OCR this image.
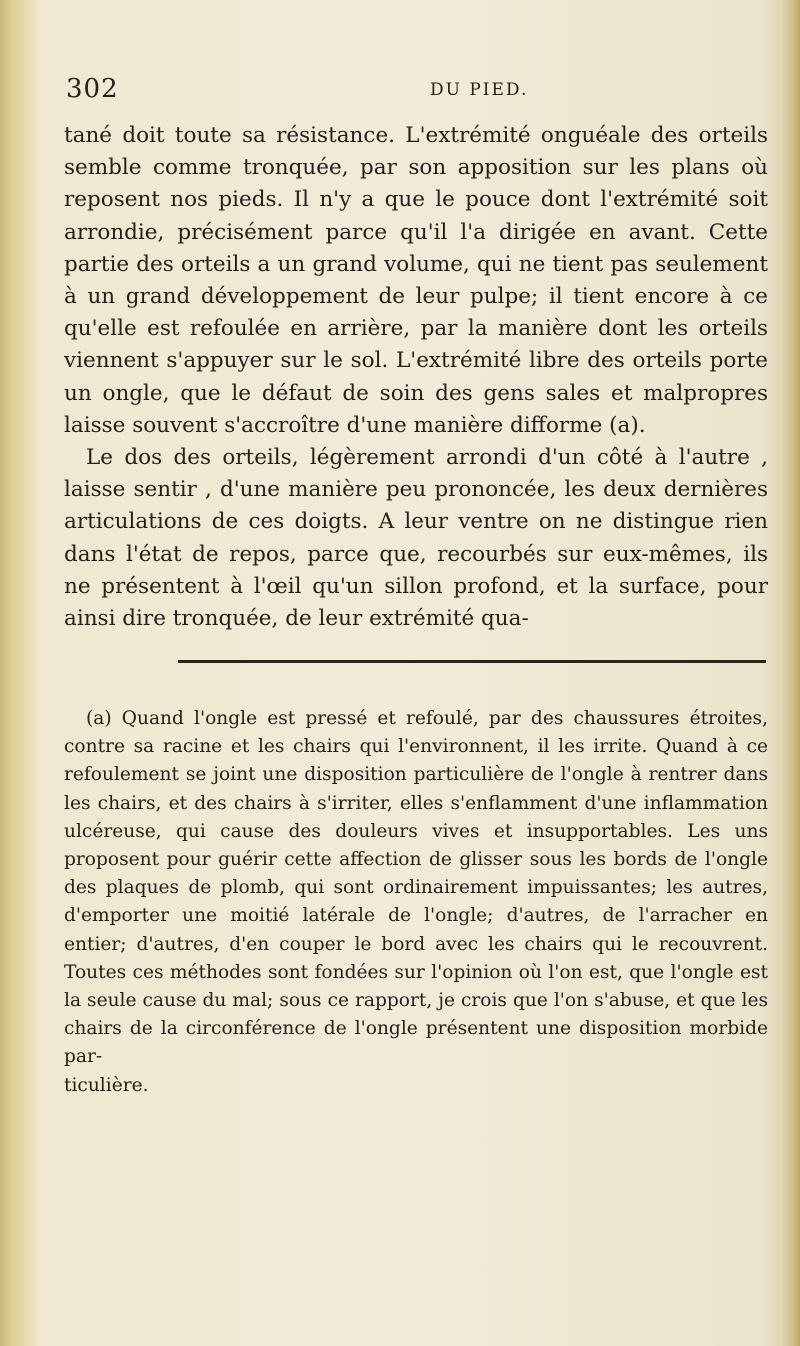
302	DU PIED.

tané doit toute sa résistance. L'extrémité onguéale des orteils semble comme tronquée, par son apposition sur les plans où reposent nos pieds. Il n'y a que le pouce dont l'extrémité soit arrondie, précisément parce qu'il l'a dirigée en avant. Cette partie des orteils a un grand volume, qui ne tient pas seulement à un grand développement de leur pulpe; il tient encore à ce qu'elle est refoulée en arrière, par la manière dont les orteils viennent s'appuyer sur le sol. L'extrémité libre des orteils porte un ongle, que le défaut de soin des gens sales et malpropres laisse souvent s'accroître d'une manière difforme (a).

Le dos des orteils, légèrement arrondi d'un côté à l'autre , laisse sentir , d'une manière peu prononcée, les deux dernières articulations de ces doigts. A leur ventre on ne distingue rien dans l'état de repos, parce que, recourbés sur eux-mêmes, ils ne présentent à l'œil qu'un sillon profond, et la surface, pour ainsi dire tronquée, de leur extrémité qua-

(a) Quand l'ongle est pressé et refoulé, par des chaussures étroites, contre sa racine et les chairs qui l'environnent, il les irrite. Quand à ce refoulement se joint une disposition particulière de l'ongle à rentrer dans les chairs, et des chairs à s'irriter, elles s'enflamment d'une inflammation ulcéreuse, qui cause des douleurs vives et insupportables. Les uns proposent pour guérir cette affection de glisser sous les bords de l'ongle des plaques de plomb, qui sont ordinairement impuissantes; les autres, d'emporter une moitié latérale de l'ongle; d'autres, de l'arracher en entier; d'autres, d'en couper le bord avec les chairs qui le recouvrent. Toutes ces méthodes sont fondées sur l'opinion où l'on est, que l'ongle est la seule cause du mal; sous ce rapport, je crois que l'on s'abuse, et que les chairs de la circonférence de l'ongle présentent une disposition morbide par-
ticulière.
